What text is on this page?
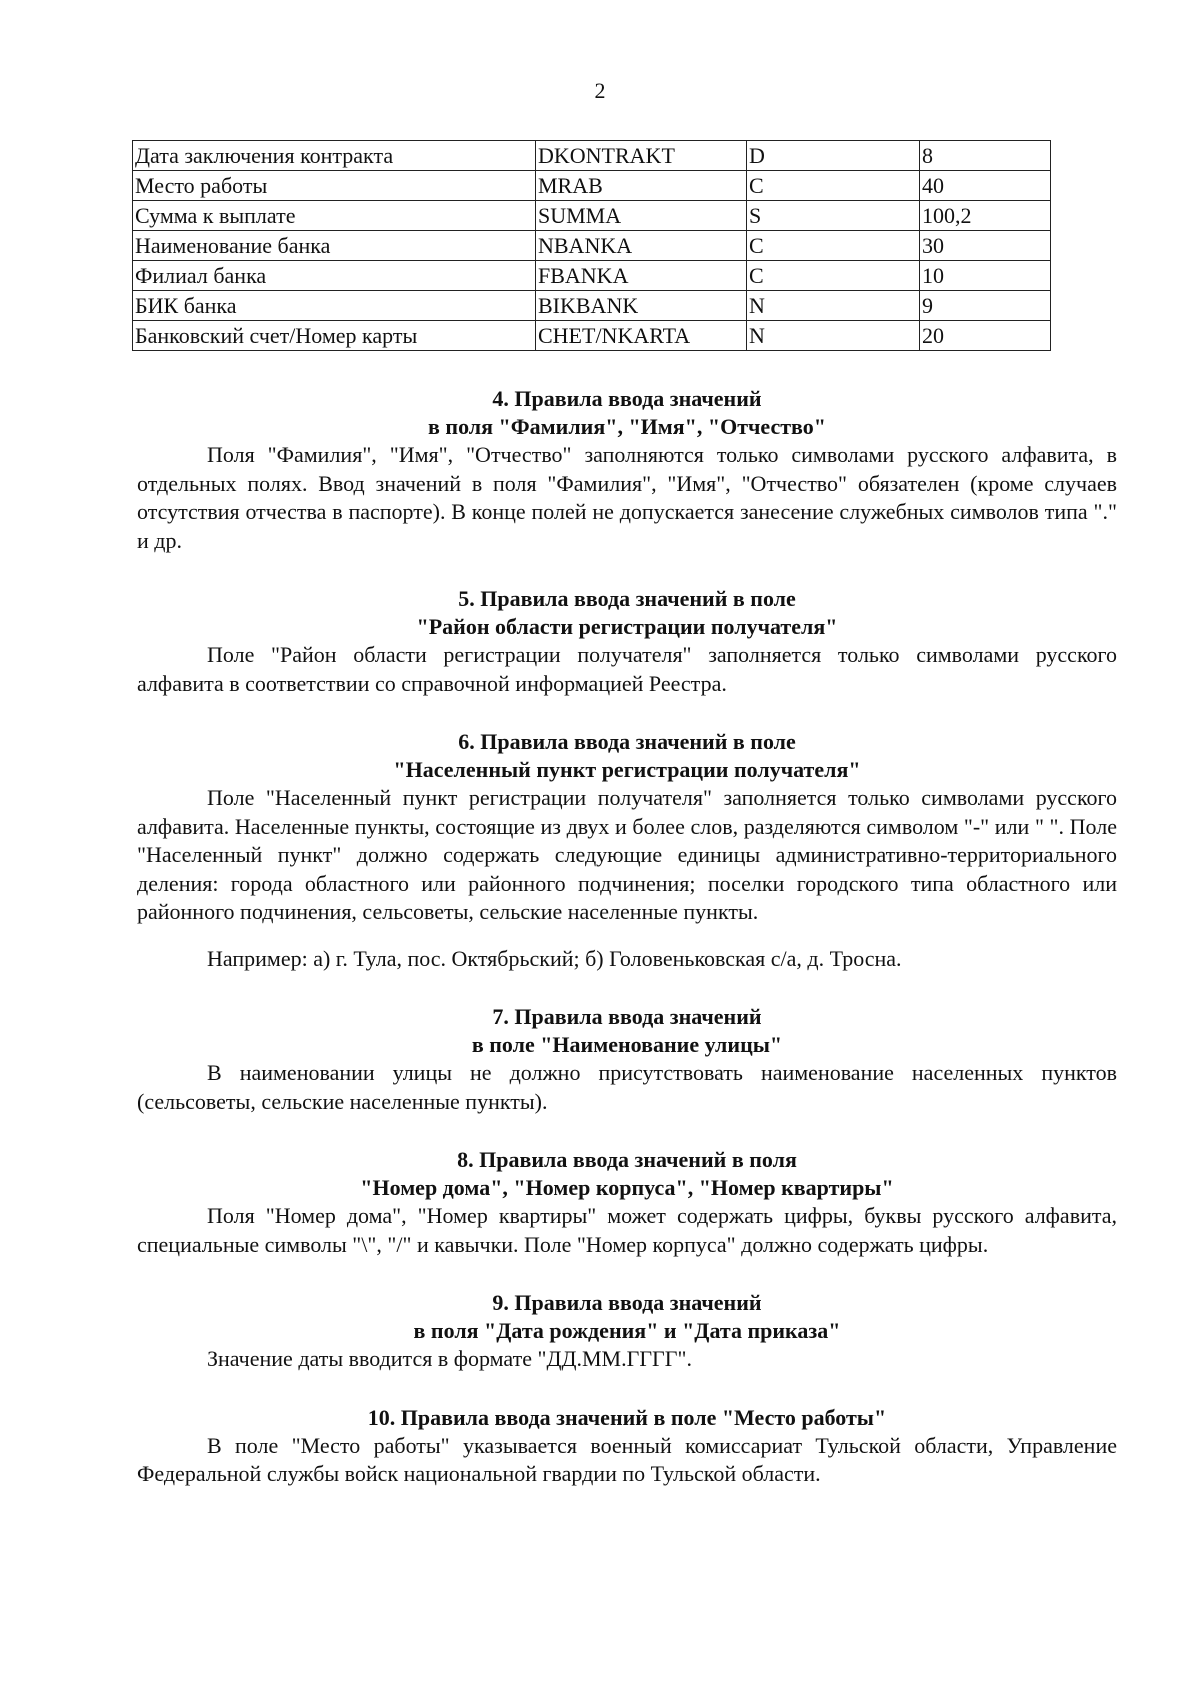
2
Дата заключения контракта	DKONTRAKT	D	8
Место работы	MRAB	C	40
Сумма к выплате	SUMMA	S	100,2
Наименование банка	NBANKA	C	30
Филиал банка	FBANKA	C	10
БИК банка	BIKBANK	N	9
Банковский счет/Номер карты	CHET/NKARTA	N	20
4. Правила ввода значений
в поля "Фамилия", "Имя", "Отчество"

Поля "Фамилия", "Имя", "Отчество" заполняются только символами русского алфавита, в отдельных полях. Ввод значений в поля "Фамилия", "Имя", "Отчество" обязателен (кроме случаев отсутствия отчества в паспорте). В конце полей не допускается занесение служебных символов типа "." и др.

5. Правила ввода значений в поле
"Район области регистрации получателя"

Поле "Район области регистрации получателя" заполняется только символами русского алфавита в соответствии со справочной информацией Реестра.

6. Правила ввода значений в поле
"Населенный пункт регистрации получателя"

Поле "Населенный пункт регистрации получателя" заполняется только символами русского алфавита. Населенные пункты, состоящие из двух и более слов, разделяются символом "-" или " ". Поле "Населенный пункт" должно содержать следующие единицы административно-территориального деления: города областного или районного подчинения; поселки городского типа областного или районного подчинения, сельсоветы, сельские населенные пункты.

Например: а) г. Тула, пос. Октябрьский; б) Головеньковская с/а, д. Тросна.

7. Правила ввода значений
в поле "Наименование улицы"

В наименовании улицы не должно присутствовать наименование населенных пунктов (сельсоветы, сельские населенные пункты).

8. Правила ввода значений в поля
"Номер дома", "Номер корпуса", "Номер квартиры"

Поля "Номер дома", "Номер квартиры" может содержать цифры, буквы русского алфавита, специальные символы "\", "/" и кавычки. Поле "Номер корпуса" должно содержать цифры.

9. Правила ввода значений
в поля "Дата рождения" и "Дата приказа"

Значение даты вводится в формате "ДД.ММ.ГГГГ".

10. Правила ввода значений в поле "Место работы"

В поле "Место работы" указывается военный комиссариат Тульской области, Управление Федеральной службы войск национальной гвардии по Тульской области.
